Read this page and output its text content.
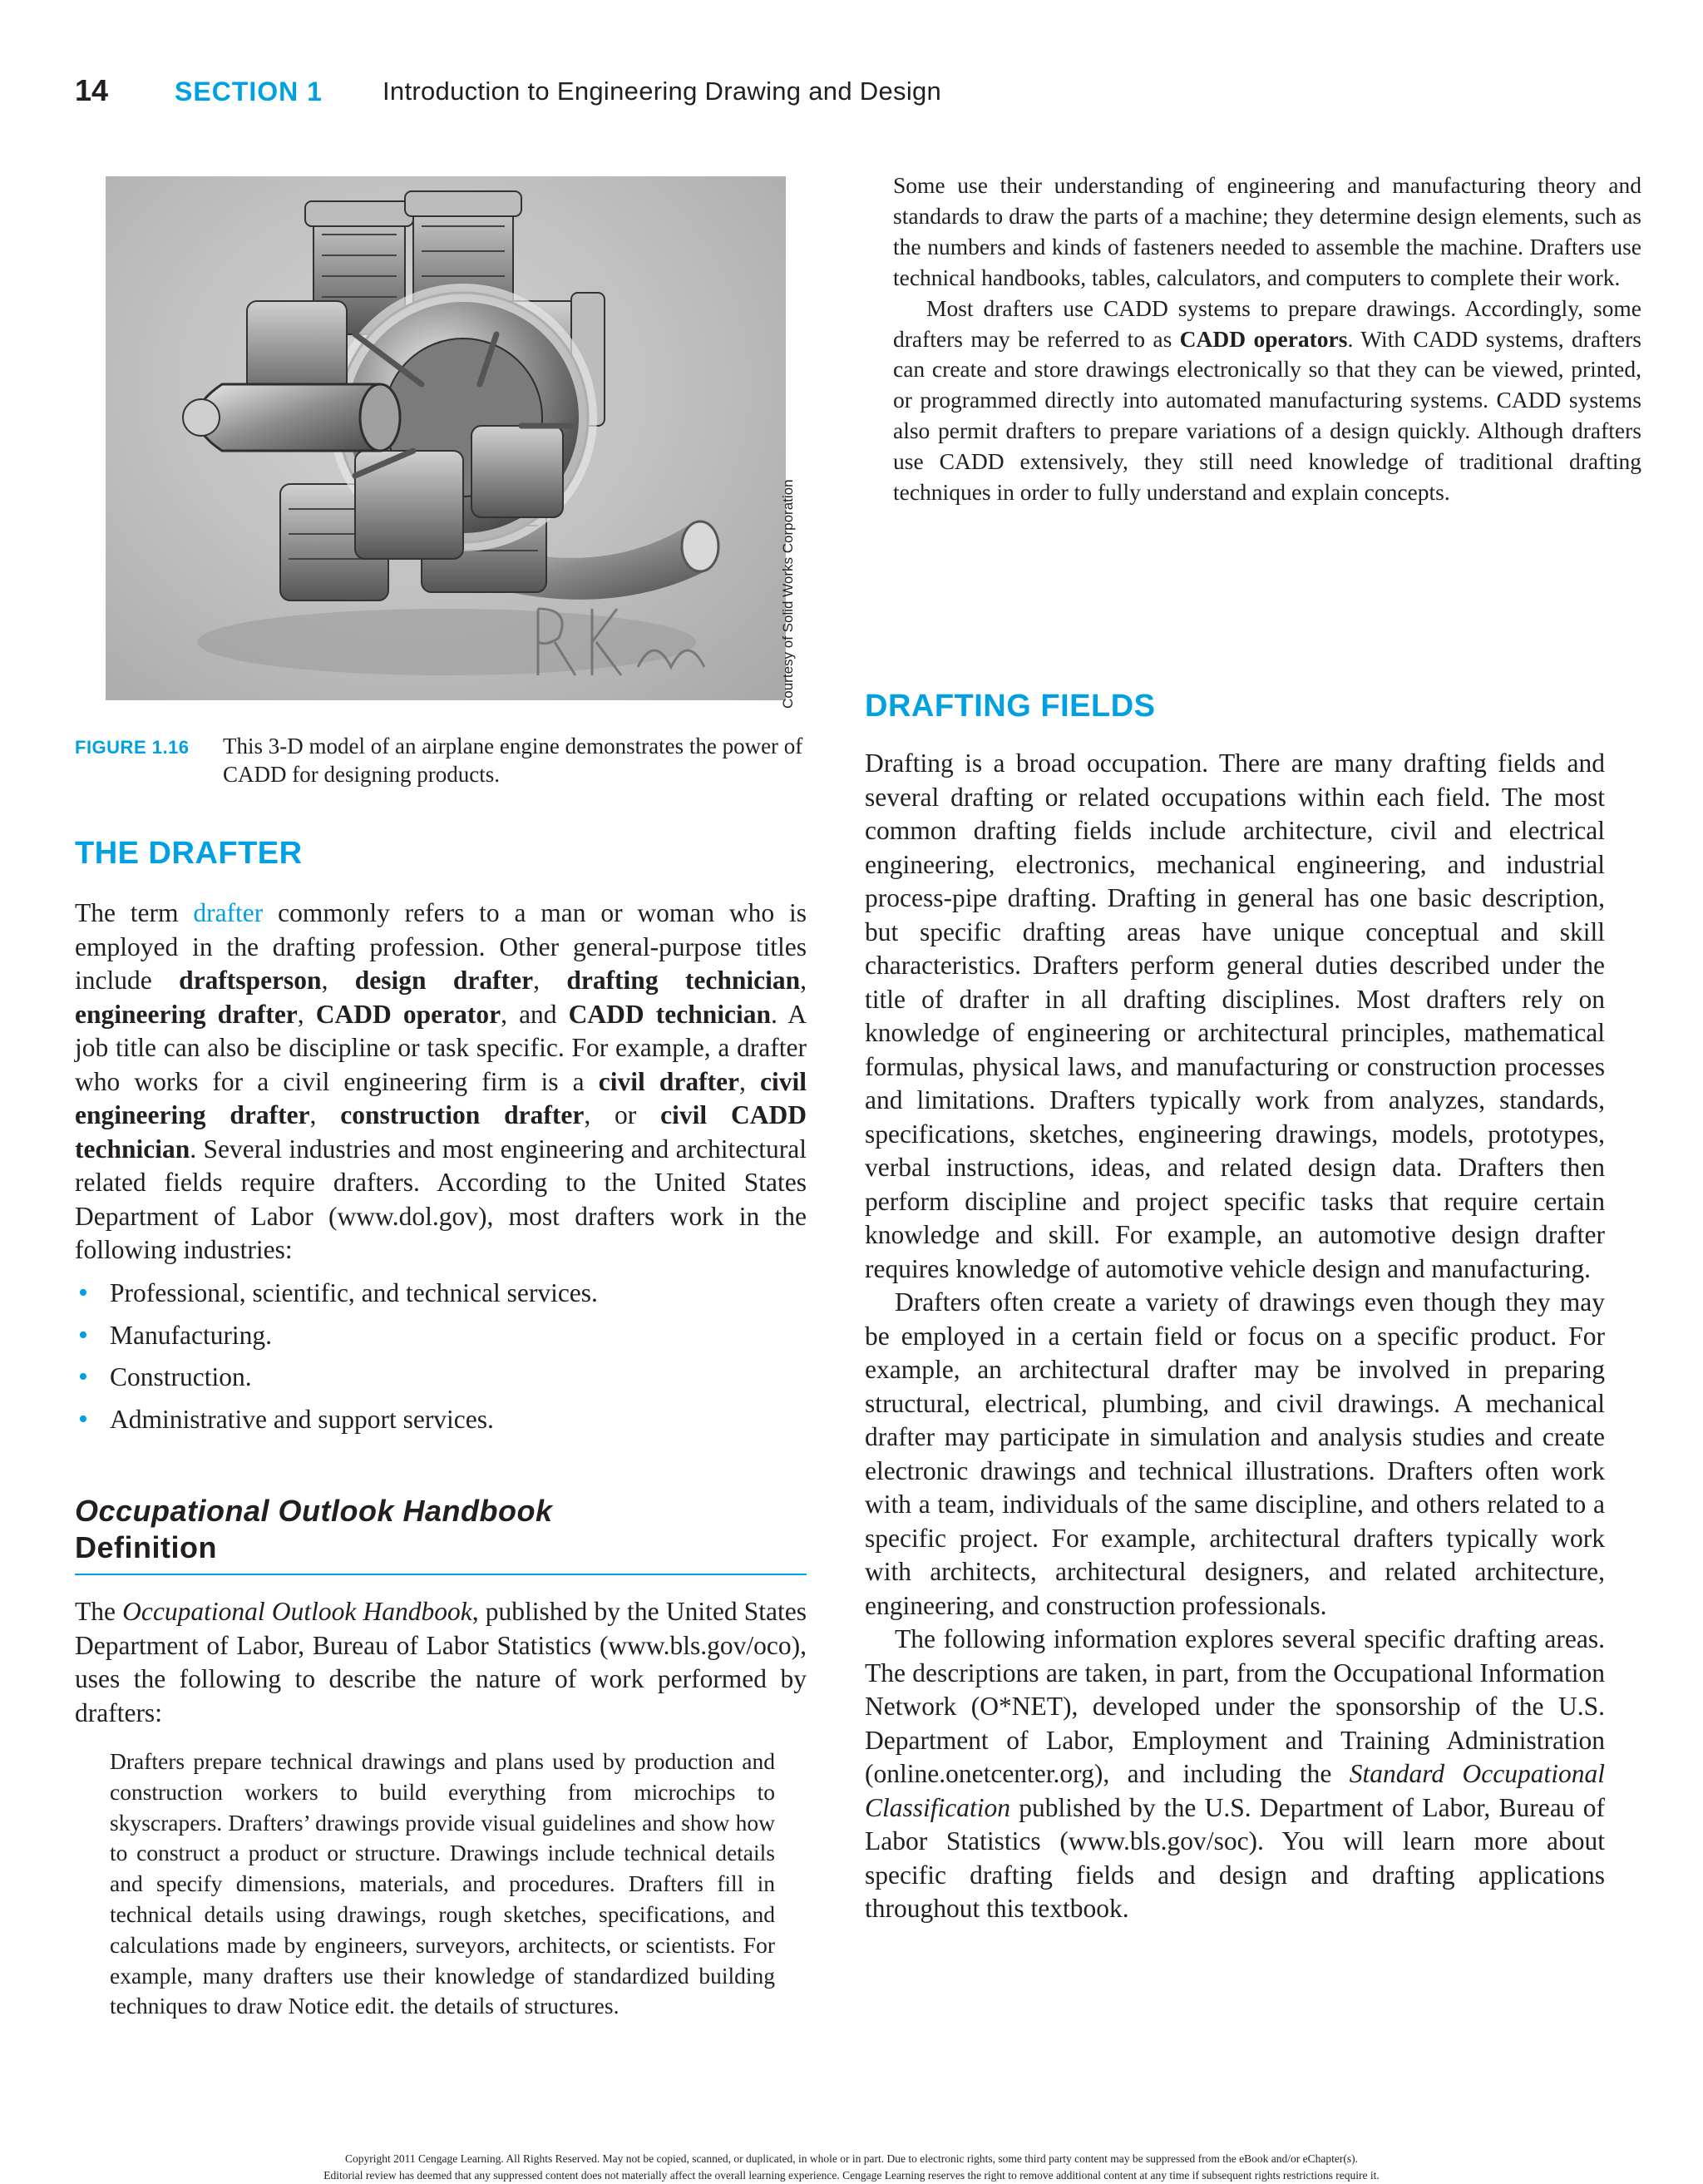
14 SECTION 1 Introduction to Engineering Drawing and Design
Courtesy of Solid Works Corporation
FIGURE 1.16 This 3-D model of an airplane engine demonstrates the power of CADD for designing products.
THE DRAFTER

The term drafter commonly refers to a man or woman who is employed in the drafting profession. Other general-purpose titles include draftsperson, design drafter, drafting technician, engineering drafter, CADD operator, and CADD technician. A job title can also be discipline or task specific. For example, a drafter who works for a civil engineering firm is a civil drafter, civil engineering drafter, construction drafter, or civil CADD technician. Several industries and most engineering and architectural related fields require drafters. According to the United States Department of Labor (www.dol.gov), most drafters work in the following industries:

• Professional, scientific, and technical services.
• Manufacturing.
• Construction.
• Administrative and support services.
Occupational Outlook Handbook
Definition

The Occupational Outlook Handbook, published by the United States Department of Labor, Bureau of Labor Statistics (www.bls.gov/oco), uses the following to describe the nature of work performed by drafters:

Drafters prepare technical drawings and plans used by production and construction workers to build everything from microchips to skyscrapers. Drafters’ drawings provide visual guidelines and show how to construct a product or structure. Drawings include technical details and specify dimensions, materials, and procedures. Drafters fill in technical details using drawings, rough sketches, specifications, and calculations made by engineers, surveyors, architects, or scientists. For example, many drafters use their knowledge of standardized building techniques to draw Notice edit. the details of structures.

Some use their understanding of engineering and manufacturing theory and standards to draw the parts of a machine; they determine design elements, such as the numbers and kinds of fasteners needed to assemble the machine. Drafters use technical handbooks, tables, calculators, and computers to complete their work.

Most drafters use CADD systems to prepare drawings. Accordingly, some drafters may be referred to as CADD operators. With CADD systems, drafters can create and store drawings electronically so that they can be viewed, printed, or programmed directly into automated manufacturing systems. CADD systems also permit drafters to prepare variations of a design quickly. Although drafters use CADD extensively, they still need knowledge of traditional drafting techniques in order to fully understand and explain concepts.

DRAFTING FIELDS

Drafting is a broad occupation. There are many drafting fields and several drafting or related occupations within each field. The most common drafting fields include architecture, civil and electrical engineering, electronics, mechanical engineering, and industrial process-pipe drafting. Drafting in general has one basic description, but specific drafting areas have unique conceptual and skill characteristics. Drafters perform general duties described under the title of drafter in all drafting disciplines. Most drafters rely on knowledge of engineering or architectural principles, mathematical formulas, physical laws, and manufacturing or construction processes and limitations. Drafters typically work from analyzes, standards, specifications, sketches, engineering drawings, models, prototypes, verbal instructions, ideas, and related design data. Drafters then perform discipline and project specific tasks that require certain knowledge and skill. For example, an automotive design drafter requires knowledge of automotive vehicle design and manufacturing.

Drafters often create a variety of drawings even though they may be employed in a certain field or focus on a specific product. For example, an architectural drafter may be involved in preparing structural, electrical, plumbing, and civil drawings. A mechanical drafter may participate in simulation and analysis studies and create electronic drawings and technical illustrations. Drafters often work with a team, individuals of the same discipline, and others related to a specific project. For example, architectural drafters typically work with architects, architectural designers, and related architecture, engineering, and construction professionals.

The following information explores several specific drafting areas. The descriptions are taken, in part, from the Occupational Information Network (O*NET), developed under the sponsorship of the U.S. Department of Labor, Employment and Training Administration (online.onetcenter.org), and including the Standard Occupational Classification published by the U.S. Department of Labor, Bureau of Labor Statistics (www.bls.gov/soc). You will learn more about specific drafting fields and design and drafting applications throughout this textbook.

Copyright 2011 Cengage Learning. All Rights Reserved. May not be copied, scanned, or duplicated, in whole or in part. Due to electronic rights, some third party content may be suppressed from the eBook and/or eChapter(s).
Editorial review has deemed that any suppressed content does not materially affect the overall learning experience. Cengage Learning reserves the right to remove additional content at any time if subsequent rights restrictions require it.
